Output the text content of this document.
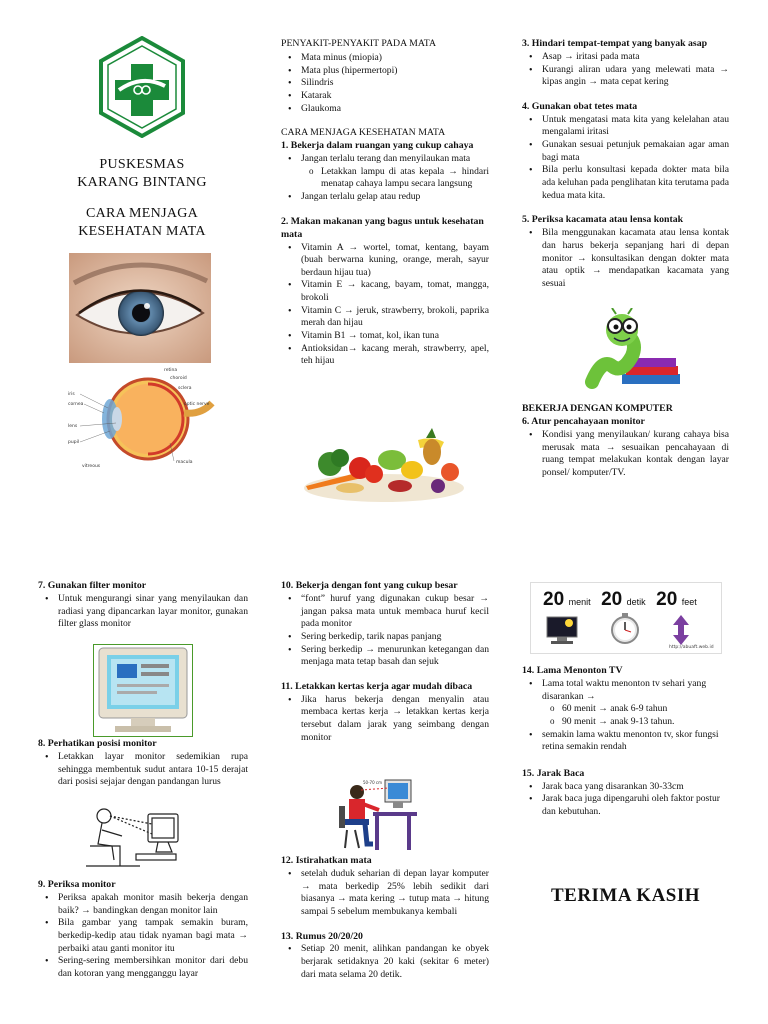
PUSKESMAS
KARANG BINTANG
CARA MENJAGA
KESEHATAN MATA
retina
choroid
sclera
optic nerve
iris
cornea
lens
pupil
vitreous
macula
PENYAKIT-PENYAKIT PADA MATA
• Mata minus (miopia)
• Mata plus (hipermertopi)
• Silindris
• Katarak
• Glaukoma
CARA MENJAGA KESEHATAN MATA
1. Bekerja dalam ruangan yang cukup cahaya
• Jangan terlalu terang dan menyilaukan mata
o Letakkan lampu di atas kepala → hindari menatap cahaya lampu secara langsung
• Jangan terlalu gelap atau redup
2. Makan makanan yang bagus untuk kesehatan mata
• Vitamin A → wortel, tomat, kentang, bayam (buah berwarna kuning, orange, merah, sayur berdaun hijau tua)
• Vitamin E → kacang, bayam, tomat, mangga, brokoli
• Vitamin C → jeruk, strawberry, brokoli, paprika merah dan hijau
• Vitamin B1 → tomat, kol, ikan tuna
• Antioksidan→ kacang merah, strawberry, apel, teh hijau
3. Hindari tempat-tempat yang banyak asap
• Asap → iritasi pada mata
• Kurangi aliran udara yang melewati mata → kipas angin → mata cepat kering
4. Gunakan obat tetes mata
• Untuk mengatasi mata kita yang kelelahan atau mengalami iritasi
• Gunakan sesuai petunjuk pemakaian agar aman bagi mata
• Bila perlu konsultasi kepada dokter mata bila ada keluhan pada penglihatan kita terutama pada kedua mata kita.
5. Periksa kacamata atau lensa kontak
• Bila menggunakan kacamata atau lensa kontak dan harus bekerja sepanjang hari di depan monitor → konsultasikan dengan dokter mata atau optik → mendapatkan kacamata yang sesuai
BEKERJA DENGAN KOMPUTER
6. Atur pencahayaan monitor
• Kondisi yang menyilaukan/ kurang cahaya bisa merusak mata → sesuaikan pencahayaan di ruang tempat melakukan kontak dengan layar ponsel/ komputer/TV.
7. Gunakan filter monitor
• Untuk mengurangi sinar yang menyilaukan dan radiasi yang dipancarkan layar monitor, gunakan filter glass monitor
8. Perhatikan posisi monitor
• Letakkan layar monitor sedemikian rupa sehingga membentuk sudut antara 10-15 derajat dari posisi sejajar dengan pandangan lurus
9. Periksa monitor
• Periksa apakah monitor masih bekerja dengan baik? → bandingkan dengan monitor lain
• Bila gambar yang tampak semakin buram, berkedip-kedip atau tidak nyaman bagi mata → perbaiki atau ganti monitor itu
• Sering-sering membersihkan monitor dari debu dan kotoran yang mengganggu layar
10. Bekerja dengan font yang cukup besar
• “font” huruf yang digunakan cukup besar → jangan paksa mata untuk membaca huruf kecil pada monitor
• Sering berkedip, tarik napas panjang
• Sering berkedip → menurunkan ketegangan dan menjaga mata tetap basah dan sejuk
11. Letakkan kertas kerja agar mudah dibaca
• Jika harus bekerja dengan menyalin atau membaca kertas kerja → letakkan kertas kerja tersebut dalam jarak yang seimbang dengan monitor
50-70 cm
12. Istirahatkan mata
• setelah duduk seharian di depan layar komputer → mata berkedip 25% lebih sedikit dari biasanya → mata kering → tutup mata → hitung sampai 5 sebelum membukanya kembali
13. Rumus 20/20/20
• Setiap 20 menit, alihkan pandangan ke obyek berjarak setidaknya 20 kaki (sekitar 6 meter) dari mata selama 20 detik.
20 menit 20 detik 20 feet
http://abuaft.web.id
14. Lama Menonton TV
• Lama total waktu menonton tv sehari yang disarankan →
o 60 menit → anak 6-9 tahun
o 90 menit → anak 9-13 tahun.
• semakin lama waktu menonton tv, skor fungsi retina semakin rendah
15. Jarak Baca
• Jarak baca yang disarankan 30-33cm
• Jarak baca juga dipengaruhi oleh faktor postur dan kebutuhan.
TERIMA KASIH
